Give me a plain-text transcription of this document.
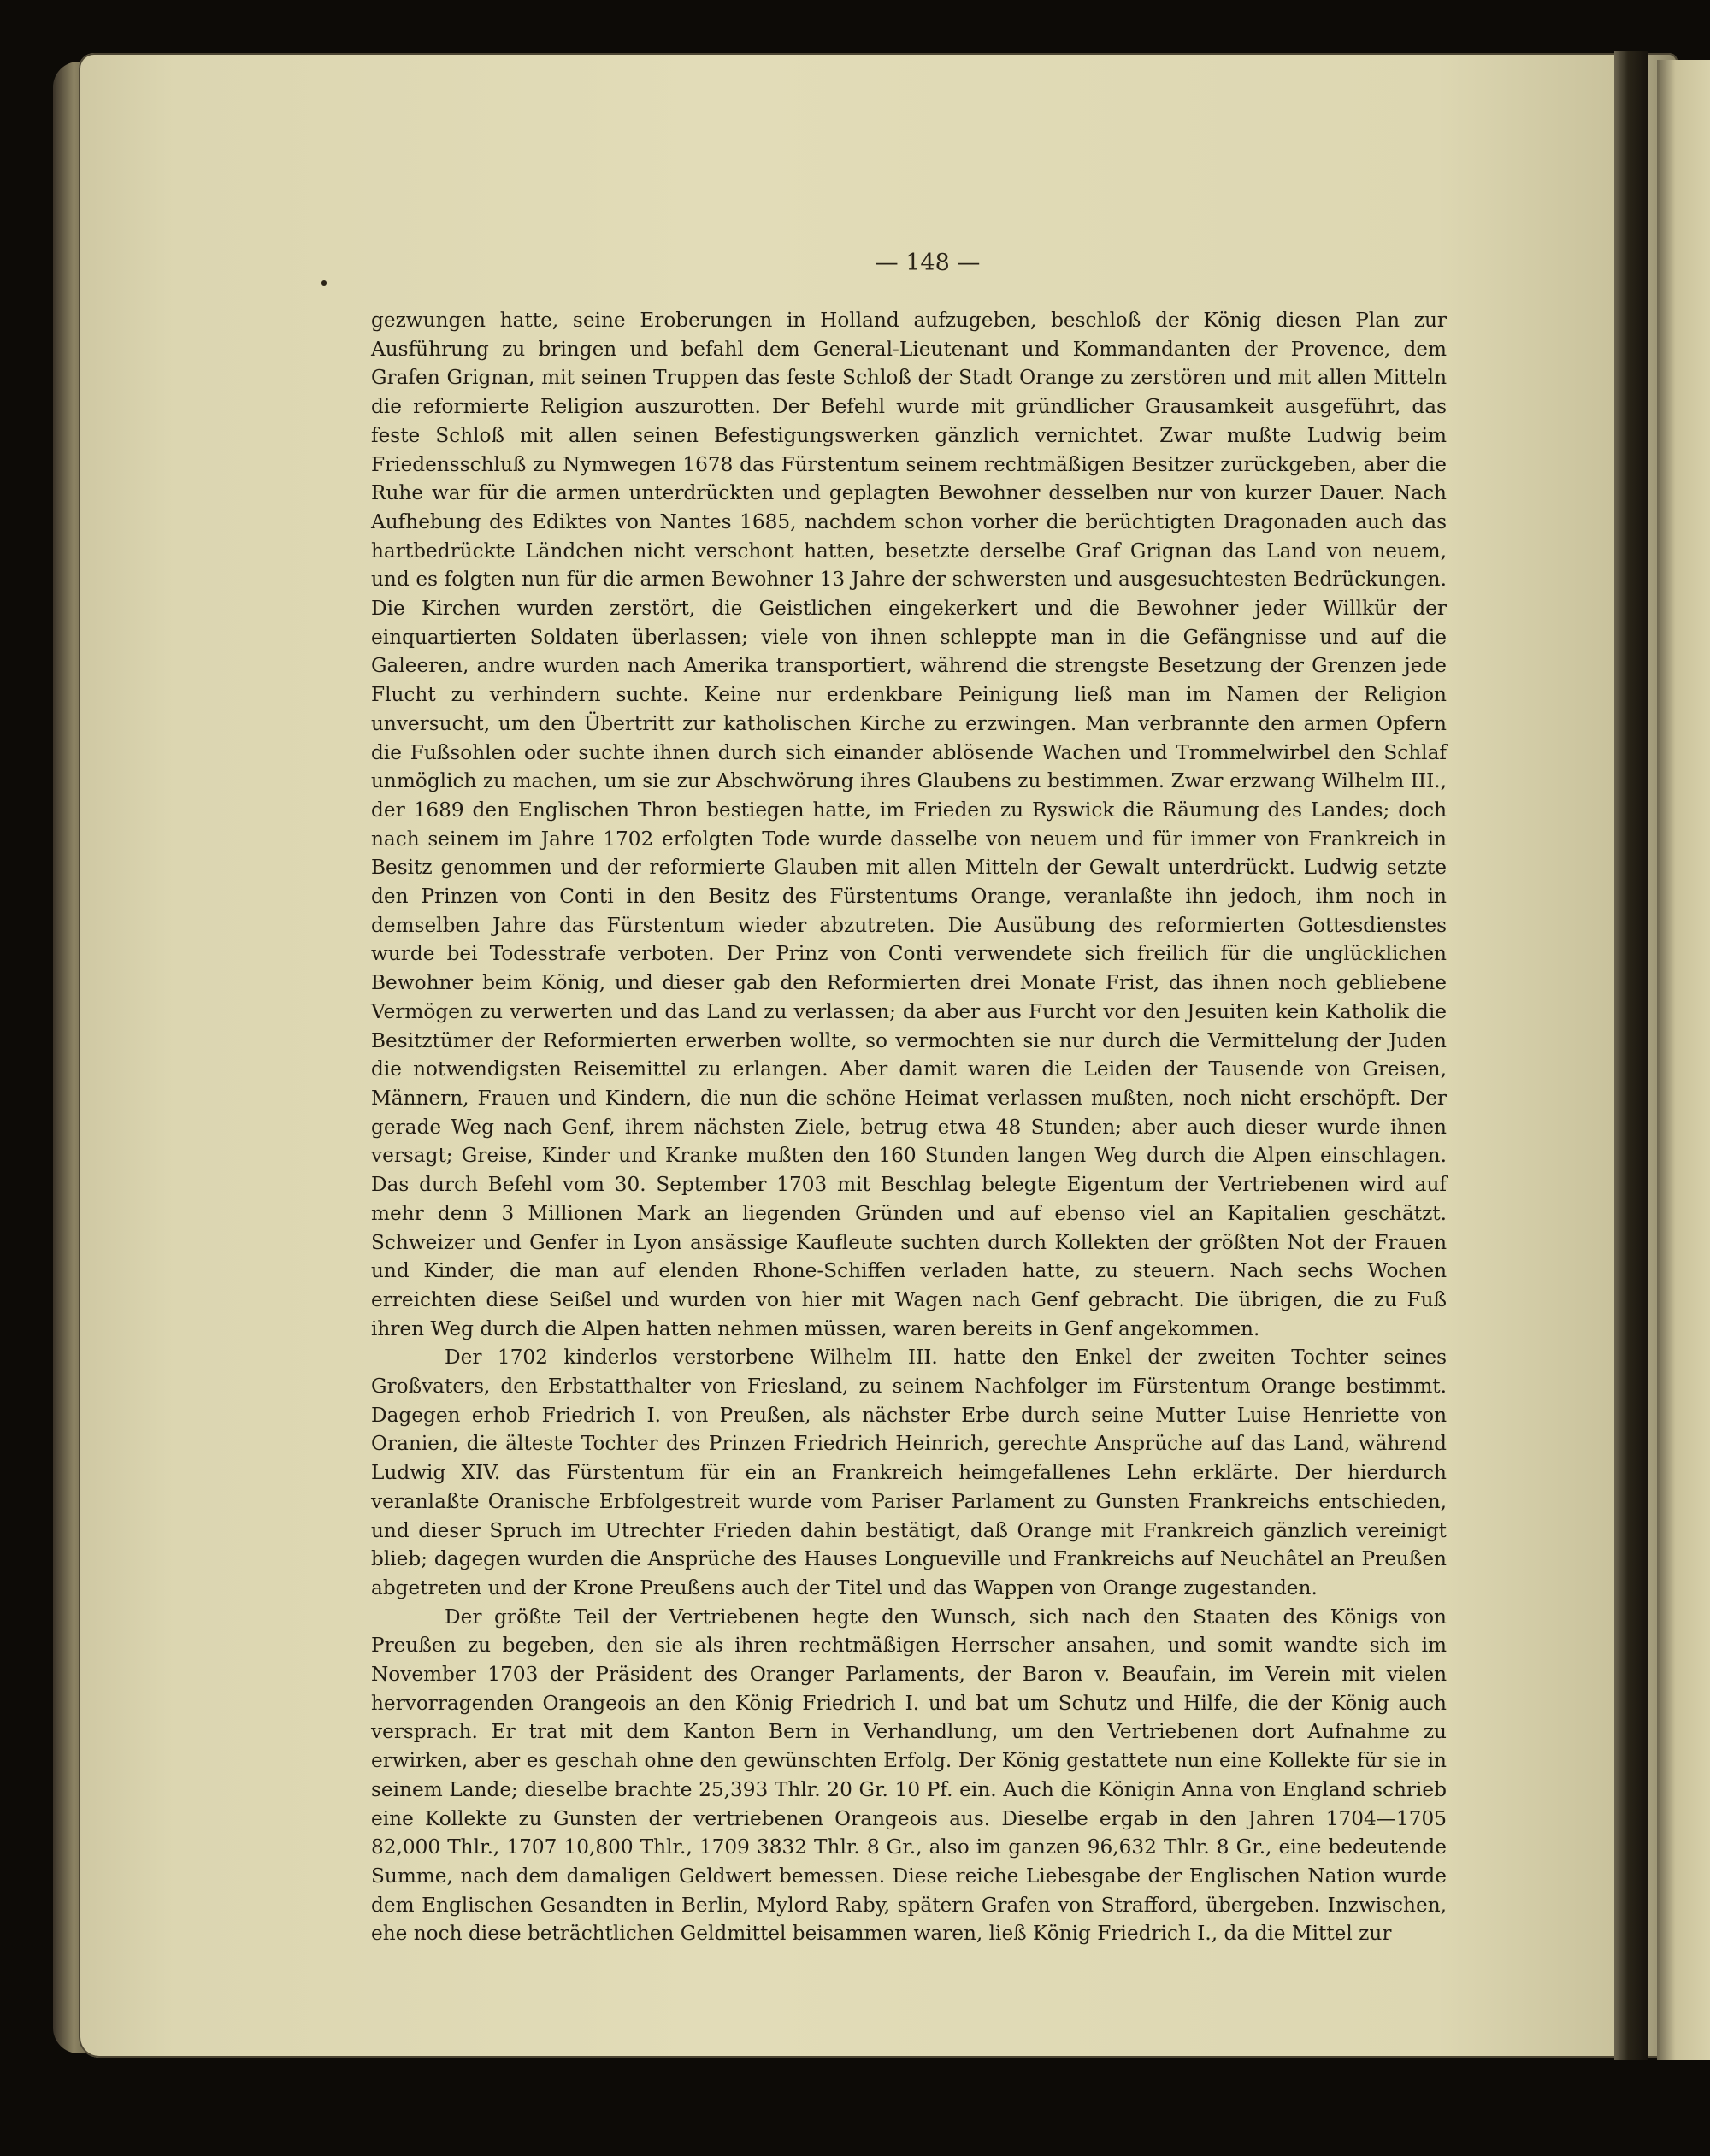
— 148 —

gezwungen hatte, seine Eroberungen in Holland aufzugeben, beschloß der König diesen Plan zur Ausführung zu bringen und befahl dem General-Lieutenant und Kommandanten der Provence, dem Grafen Grignan, mit seinen Truppen das feste Schloß der Stadt Orange zu zerstören und mit allen Mitteln die reformierte Religion auszurotten. Der Befehl wurde mit gründlicher Grausamkeit ausgeführt, das feste Schloß mit allen seinen Befestigungswerken gänzlich vernichtet. Zwar mußte Ludwig beim Friedensschluß zu Nymwegen 1678 das Fürstentum seinem rechtmäßigen Besitzer zurückgeben, aber die Ruhe war für die armen unterdrückten und geplagten Bewohner desselben nur von kurzer Dauer. Nach Aufhebung des Ediktes von Nantes 1685, nachdem schon vorher die berüchtigten Dragonaden auch das hartbedrückte Ländchen nicht verschont hatten, besetzte derselbe Graf Grignan das Land von neuem, und es folgten nun für die armen Bewohner 13 Jahre der schwersten und ausgesuchtesten Bedrückungen. Die Kirchen wurden zerstört, die Geistlichen eingekerkert und die Bewohner jeder Willkür der einquartierten Soldaten überlassen; viele von ihnen schleppte man in die Gefängnisse und auf die Galeeren, andre wurden nach Amerika transportiert, während die strengste Besetzung der Grenzen jede Flucht zu verhindern suchte. Keine nur erdenkbare Peinigung ließ man im Namen der Religion unversucht, um den Übertritt zur katholischen Kirche zu erzwingen. Man verbrannte den armen Opfern die Fußsohlen oder suchte ihnen durch sich einander ablösende Wachen und Trommelwirbel den Schlaf unmöglich zu machen, um sie zur Abschwörung ihres Glaubens zu bestimmen. Zwar erzwang Wilhelm III., der 1689 den Englischen Thron bestiegen hatte, im Frieden zu Ryswick die Räumung des Landes; doch nach seinem im Jahre 1702 erfolgten Tode wurde dasselbe von neuem und für immer von Frankreich in Besitz genommen und der reformierte Glauben mit allen Mitteln der Gewalt unterdrückt. Ludwig setzte den Prinzen von Conti in den Besitz des Fürstentums Orange, veranlaßte ihn jedoch, ihm noch in demselben Jahre das Fürstentum wieder abzutreten. Die Ausübung des reformierten Gottesdienstes wurde bei Todesstrafe verboten. Der Prinz von Conti verwendete sich freilich für die unglücklichen Bewohner beim König, und dieser gab den Reformierten drei Monate Frist, das ihnen noch gebliebene Vermögen zu verwerten und das Land zu verlassen; da aber aus Furcht vor den Jesuiten kein Katholik die Besitztümer der Reformierten erwerben wollte, so vermochten sie nur durch die Vermittelung der Juden die notwendigsten Reisemittel zu erlangen. Aber damit waren die Leiden der Tausende von Greisen, Männern, Frauen und Kindern, die nun die schöne Heimat verlassen mußten, noch nicht erschöpft. Der gerade Weg nach Genf, ihrem nächsten Ziele, betrug etwa 48 Stunden; aber auch dieser wurde ihnen versagt; Greise, Kinder und Kranke mußten den 160 Stunden langen Weg durch die Alpen einschlagen. Das durch Befehl vom 30. September 1703 mit Beschlag belegte Eigentum der Vertriebenen wird auf mehr denn 3 Millionen Mark an liegenden Gründen und auf ebenso viel an Kapitalien geschätzt. Schweizer und Genfer in Lyon ansässige Kaufleute suchten durch Kollekten der größten Not der Frauen und Kinder, die man auf elenden Rhone-Schiffen verladen hatte, zu steuern. Nach sechs Wochen erreichten diese Seißel und wurden von hier mit Wagen nach Genf gebracht. Die übrigen, die zu Fuß ihren Weg durch die Alpen hatten nehmen müssen, waren bereits in Genf angekommen.

Der 1702 kinderlos verstorbene Wilhelm III. hatte den Enkel der zweiten Tochter seines Großvaters, den Erbstatthalter von Friesland, zu seinem Nachfolger im Fürstentum Orange bestimmt. Dagegen erhob Friedrich I. von Preußen, als nächster Erbe durch seine Mutter Luise Henriette von Oranien, die älteste Tochter des Prinzen Friedrich Heinrich, gerechte Ansprüche auf das Land, während Ludwig XIV. das Fürstentum für ein an Frankreich heimgefallenes Lehn erklärte. Der hierdurch veranlaßte Oranische Erbfolgestreit wurde vom Pariser Parlament zu Gunsten Frankreichs entschieden, und dieser Spruch im Utrechter Frieden dahin bestätigt, daß Orange mit Frankreich gänzlich vereinigt blieb; dagegen wurden die Ansprüche des Hauses Longueville und Frankreichs auf Neuchâtel an Preußen abgetreten und der Krone Preußens auch der Titel und das Wappen von Orange zugestanden.

Der größte Teil der Vertriebenen hegte den Wunsch, sich nach den Staaten des Königs von Preußen zu begeben, den sie als ihren rechtmäßigen Herrscher ansahen, und somit wandte sich im November 1703 der Präsident des Oranger Parlaments, der Baron v. Beaufain, im Verein mit vielen hervorragenden Orangeois an den König Friedrich I. und bat um Schutz und Hilfe, die der König auch versprach. Er trat mit dem Kanton Bern in Verhandlung, um den Vertriebenen dort Aufnahme zu erwirken, aber es geschah ohne den gewünschten Erfolg. Der König gestattete nun eine Kollekte für sie in seinem Lande; dieselbe brachte 25,393 Thlr. 20 Gr. 10 Pf. ein. Auch die Königin Anna von England schrieb eine Kollekte zu Gunsten der vertriebenen Orangeois aus. Dieselbe ergab in den Jahren 1704—1705 82,000 Thlr., 1707 10,800 Thlr., 1709 3832 Thlr. 8 Gr., also im ganzen 96,632 Thlr. 8 Gr., eine bedeutende Summe, nach dem damaligen Geldwert bemessen. Diese reiche Liebesgabe der Englischen Nation wurde dem Englischen Gesandten in Berlin, Mylord Raby, spätern Grafen von Strafford, übergeben. Inzwischen, ehe noch diese beträchtlichen Geldmittel beisammen waren, ließ König Friedrich I., da die Mittel zur
